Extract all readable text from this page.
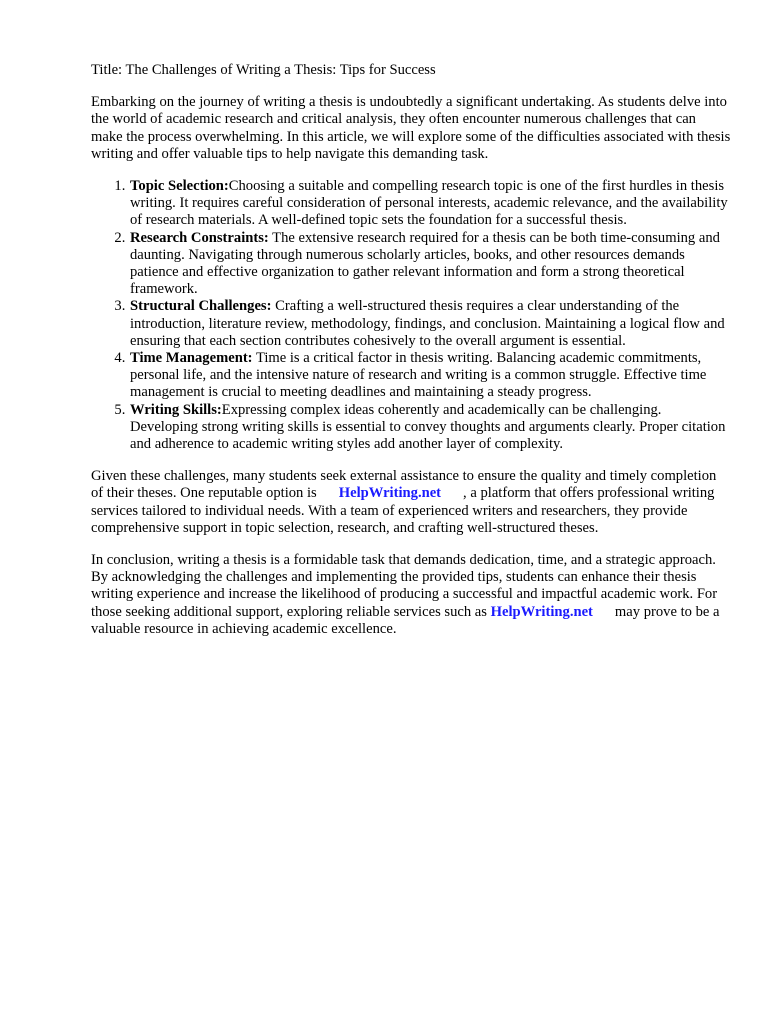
Title: The Challenges of Writing a Thesis: Tips for Success

Embarking on the journey of writing a thesis is undoubtedly a significant undertaking. As students delve into the world of academic research and critical analysis, they often encounter numerous challenges that can make the process overwhelming. In this article, we will explore some of the difficulties associated with thesis writing and offer valuable tips to help navigate this demanding task.

1. Topic Selection:Choosing a suitable and compelling research topic is one of the first hurdles in thesis writing. It requires careful consideration of personal interests, academic relevance, and the availability of research materials. A well-defined topic sets the foundation for a successful thesis.
2. Research Constraints: The extensive research required for a thesis can be both time-consuming and daunting. Navigating through numerous scholarly articles, books, and other resources demands patience and effective organization to gather relevant information and form a strong theoretical framework.
3. Structural Challenges: Crafting a well-structured thesis requires a clear understanding of the introduction, literature review, methodology, findings, and conclusion. Maintaining a logical flow and ensuring that each section contributes cohesively to the overall argument is essential.
4. Time Management: Time is a critical factor in thesis writing. Balancing academic commitments, personal life, and the intensive nature of research and writing is a common struggle. Effective time management is crucial to meeting deadlines and maintaining a steady progress.
5. Writing Skills:Expressing complex ideas coherently and academically can be challenging. Developing strong writing skills is essential to convey thoughts and arguments clearly. Proper citation and adherence to academic writing styles add another layer of complexity.

Given these challenges, many students seek external assistance to ensure the quality and timely completion of their theses. One reputable option is HelpWriting.net , a platform that offers professional writing services tailored to individual needs. With a team of experienced writers and researchers, they provide comprehensive support in topic selection, research, and crafting well-structured theses.

In conclusion, writing a thesis is a formidable task that demands dedication, time, and a strategic approach. By acknowledging the challenges and implementing the provided tips, students can enhance their thesis writing experience and increase the likelihood of producing a successful and impactful academic work. For those seeking additional support, exploring reliable services such as HelpWriting.net may prove to be a valuable resource in achieving academic excellence.
